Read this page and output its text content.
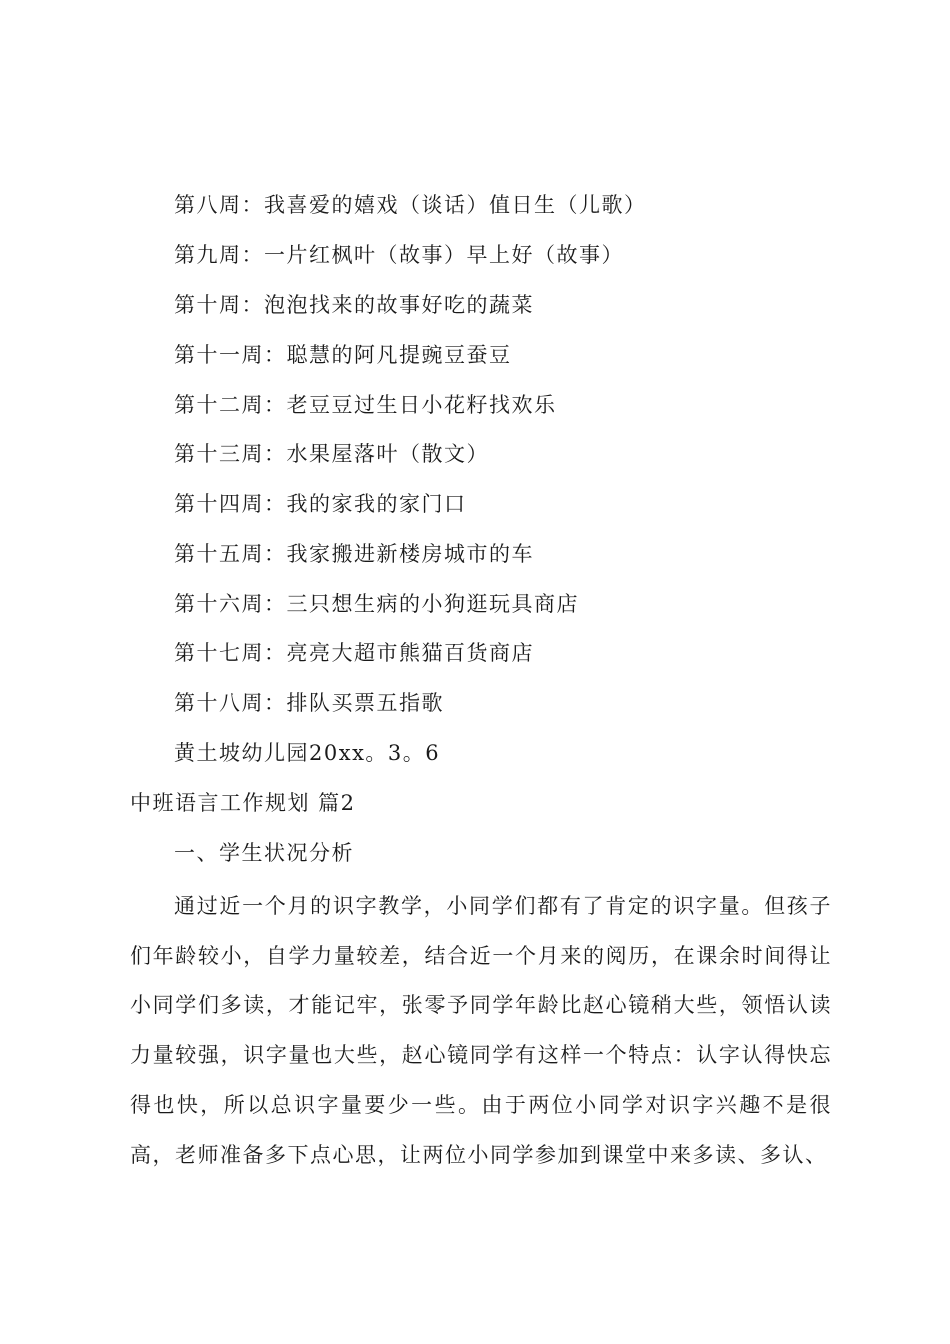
第八周：我喜爱的嬉戏（谈话）值日生（儿歌）
第九周：一片红枫叶（故事）早上好（故事）
第十周：泡泡找来的故事好吃的蔬菜
第十一周：聪慧的阿凡提豌豆蚕豆
第十二周：老豆豆过生日小花籽找欢乐
第十三周：水果屋落叶（散文）
第十四周：我的家我的家门口
第十五周：我家搬进新楼房城市的车
第十六周：三只想生病的小狗逛玩具商店
第十七周：亮亮大超市熊猫百货商店
第十八周：排队买票五指歌
黄土坡幼儿园20xx。3。6
中班语言工作规划 篇2
一、学生状况分析

通过近一个月的识字教学，小同学们都有了肯定的识字量。但孩子们年龄较小，自学力量较差，结合近一个月来的阅历，在课余时间得让小同学们多读，才能记牢，张零予同学年龄比赵心镜稍大些，领悟认读力量较强，识字量也大些，赵心镜同学有这样一个特点：认字认得快忘得也快，所以总识字量要少一些。由于两位小同学对识字兴趣不是很高，老师准备多下点心思，让两位小同学参加到课堂中来多读、多认、
